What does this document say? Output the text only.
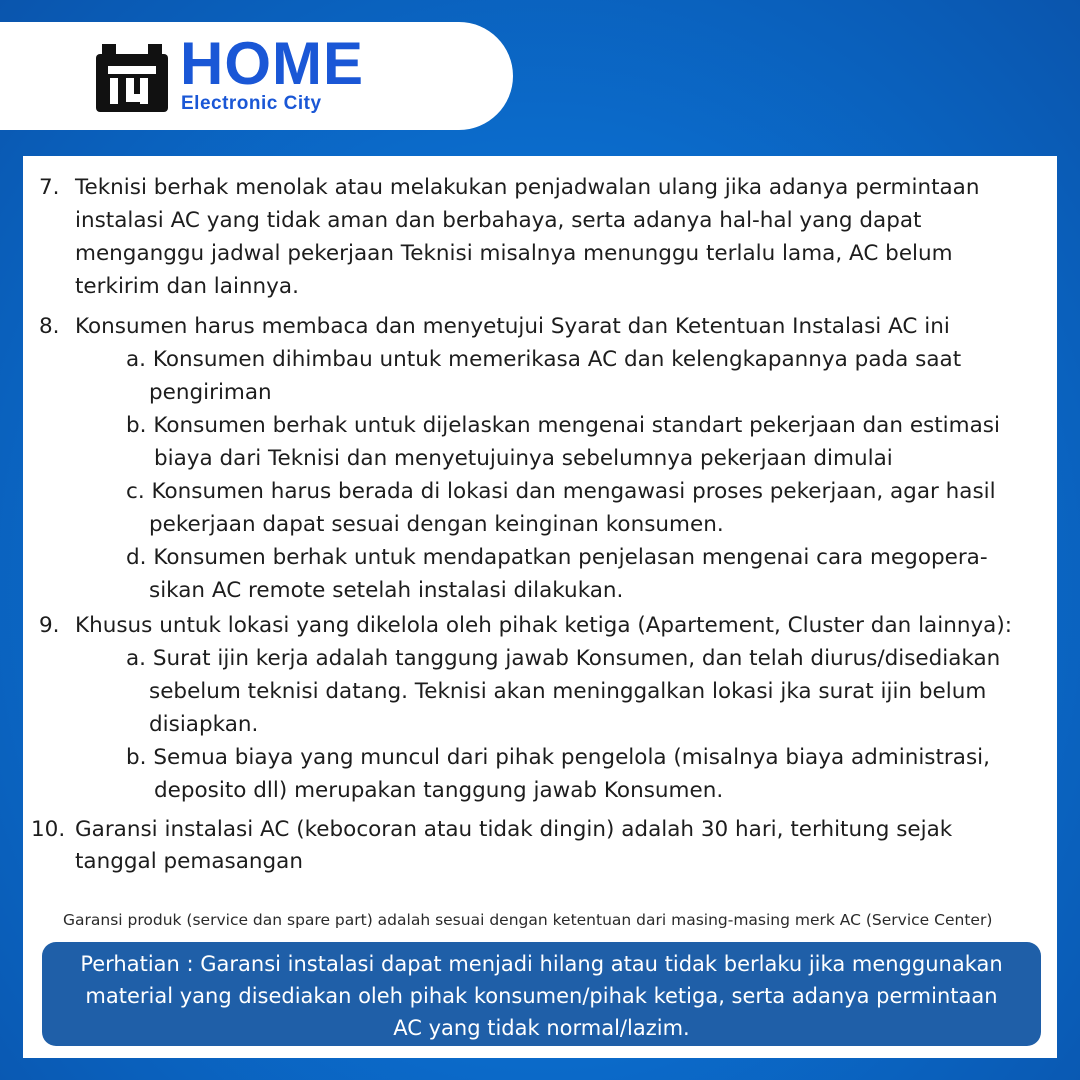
HOME
Electronic City
7. Teknisi berhak menolak atau melakukan penjadwalan ulang jika adanya permintaan
instalasi AC yang tidak aman dan berbahaya, serta adanya hal-hal yang dapat
menganggu jadwal pekerjaan Teknisi misalnya menunggu terlalu lama, AC belum
terkirim dan lainnya.
8. Konsumen harus membaca dan menyetujui Syarat dan Ketentuan Instalasi AC ini
a. Konsumen dihimbau untuk memerikasa AC dan kelengkapannya pada saat
pengiriman
b. Konsumen berhak untuk dijelaskan mengenai standart pekerjaan dan estimasi
biaya dari Teknisi dan menyetujuinya sebelumnya pekerjaan dimulai
c. Konsumen harus berada di lokasi dan mengawasi proses pekerjaan, agar hasil
pekerjaan dapat sesuai dengan keinginan konsumen.
d. Konsumen berhak untuk mendapatkan penjelasan mengenai cara megopera-
sikan AC remote setelah instalasi dilakukan.
9. Khusus untuk lokasi yang dikelola oleh pihak ketiga (Apartement, Cluster dan lainnya):
a. Surat ijin kerja adalah tanggung jawab Konsumen, dan telah diurus/disediakan
sebelum teknisi datang. Teknisi akan meninggalkan lokasi jka surat ijin belum
disiapkan.
b. Semua biaya yang muncul dari pihak pengelola (misalnya biaya administrasi,
deposito dll) merupakan tanggung jawab Konsumen.
10. Garansi instalasi AC (kebocoran atau tidak dingin) adalah 30 hari, terhitung sejak
tanggal pemasangan
Garansi produk (service dan spare part) adalah sesuai dengan ketentuan dari masing-masing merk AC (Service Center)
Perhatian : Garansi instalasi dapat menjadi hilang atau tidak berlaku jika menggunakan
material yang disediakan oleh pihak konsumen/pihak ketiga, serta adanya permintaan
AC yang tidak normal/lazim.
